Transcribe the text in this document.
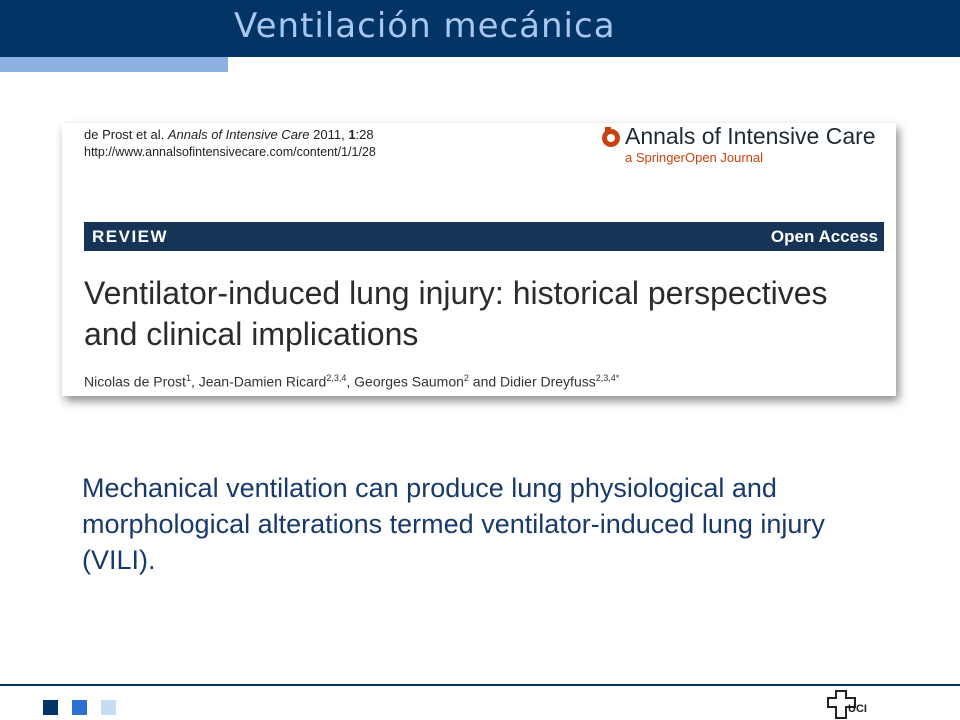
Ventilación mecánica
de Prost et al. Annals of Intensive Care 2011, 1:28
http://www.annalsofintensivecare.com/content/1/1/28
Annals of Intensive Care
a SpringerOpen Journal
REVIEW	Open Access
Ventilator-induced lung injury: historical perspectives and clinical implications
Nicolas de Prost$^1$, Jean-Damien Ricard$^{2,3,4}$, Georges Saumon$^2$ and Didier Dreyfuss$^{2,3,4*}$
Mechanical ventilation can produce lung physiological and morphological alterations termed ventilator-induced lung injury (VILI).
UCI
